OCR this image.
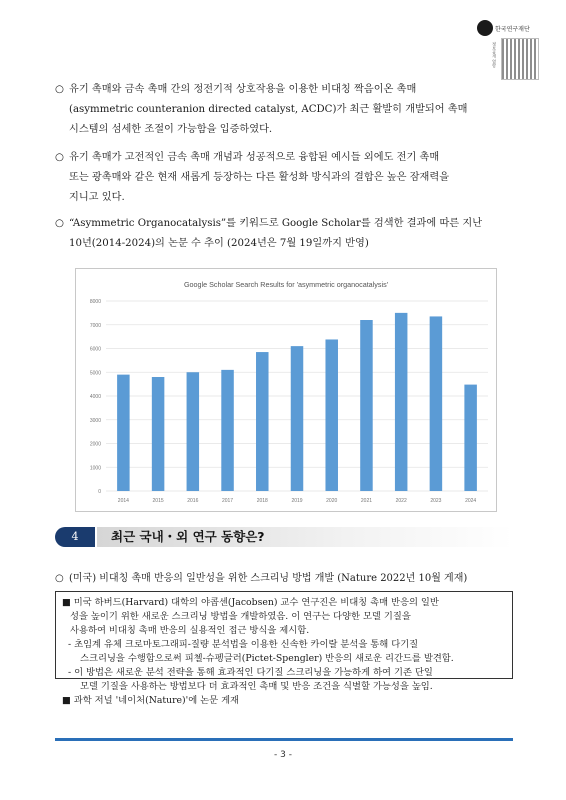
한국연구재단
정보공개 열람
○ 유기 촉매와 금속 촉매 간의 정전기적 상호작용을 이용한 비대칭 짝음이온 촉매
(asymmetric counteranion directed catalyst, ACDC)가 최근 활발히 개발되어 촉매
시스템의 섬세한 조절이 가능함을 입증하였다.
○ 유기 촉매가 고전적인 금속 촉매 개념과 성공적으로 융합된 예시들 외에도 전기 촉매
또는 광촉매와 같은 현재 새롭게 등장하는 다른 활성화 방식과의 결합은 높은 잠재력을
지니고 있다.
○ “Asymmetric Organocatalysis”를 키워드로 Google Scholar를 검색한 결과에 따른 지난
10년(2014-2024)의 논문 수 추이 (2024년은 7월 19일까지 반영)
Google Scholar Search Results for 'asymmetric organocatalysis'
0
1000
2000
3000
4000
5000
6000
7000
8000
2014	2015	2016	2017	2018	2019	2020	2021	2022	2023	2024
4	최근 국내・외 연구 동향은?
○ (미국) 비대칭 촉매 반응의 일반성을 위한 스크리닝 방법 개발 (Nature 2022년 10월 게재)
■ 미국 하버드(Harvard) 대학의 야콥센(Jacobsen) 교수 연구진은 비대칭 촉매 반응의 일반
성을 높이기 위한 새로운 스크리닝 방법을 개발하였음. 이 연구는 다양한 모델 기질을
사용하여 비대칭 촉매 반응의 실용적인 접근 방식을 제시함.
- 초임계 유체 크로마토그래피-질량 분석법을 이용한 신속한 카이랄 분석을 통해 다기질
스크리닝을 수행함으로써 피첼-슈펭글러(Pictet-Spengler) 반응의 새로운 리간드를 발견함.
- 이 방법은 새로운 분석 전략을 통해 효과적인 다기질 스크리닝을 가능하게 하여 기존 단일
모델 기질을 사용하는 방법보다 더 효과적인 촉매 및 반응 조건을 식별할 가능성을 높임.
■ 과학 저널 '네이처(Nature)'에 논문 게재
- 3 -
